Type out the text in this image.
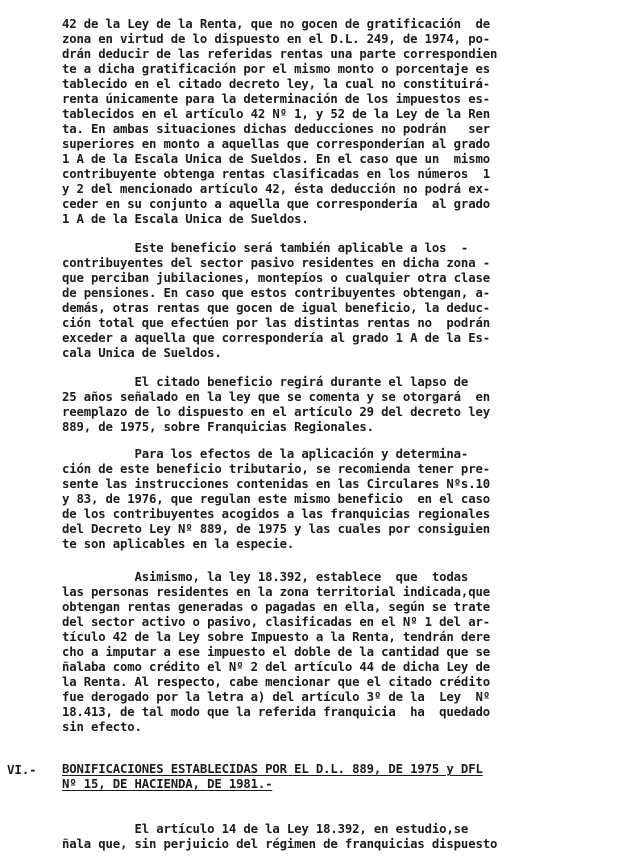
42 de la Ley de la Renta, que no gocen de gratificación  de
zona en virtud de lo dispuesto en el D.L. 249, de 1974, po-
drán deducir de las referidas rentas una parte correspondien
te a dicha gratificación por el mismo monto o porcentaje es
tablecido en el citado decreto ley, la cual no constituirá-
renta únicamente para la determinación de los impuestos es-
tablecidos en el artículo 42 Nº 1, y 52 de la Ley de la Ren
ta. En ambas situaciones dichas deducciones no podrán   ser
superiores en monto a aquellas que corresponderían al grado
1 A de la Escala Unica de Sueldos. En el caso que un  mismo
contribuyente obtenga rentas clasificadas en los números  1
y 2 del mencionado artículo 42, ésta deducción no podrá ex-
ceder en su conjunto a aquella que correspondería  al grado
1 A de la Escala Unica de Sueldos.
Este beneficio será también aplicable a los  -
contribuyentes del sector pasivo residentes en dicha zona -
que perciban jubilaciones, montepíos o cualquier otra clase
de pensiones. En caso que estos contribuyentes obtengan, a-
demás, otras rentas que gocen de igual beneficio, la deduc-
ción total que efectúen por las distintas rentas no  podrán
exceder a aquella que correspondería al grado 1 A de la Es-
cala Unica de Sueldos.
El citado beneficio regirá durante el lapso de
25 años señalado en la ley que se comenta y se otorgará  en
reemplazo de lo dispuesto en el artículo 29 del decreto ley
889, de 1975, sobre Franquicias Regionales.
Para los efectos de la aplicación y determina-
ción de este beneficio tributario, se recomienda tener pre-
sente las instrucciones contenidas en las Circulares Nºs.10
y 83, de 1976, que regulan este mismo beneficio  en el caso
de los contribuyentes acogidos a las franquicias regionales
del Decreto Ley Nº 889, de 1975 y las cuales por consiguien
te son aplicables en la especie.
Asimismo, la ley 18.392, establece  que  todas
las personas residentes en la zona territorial indicada,que
obtengan rentas generadas o pagadas en ella, según se trate
del sector activo o pasivo, clasificadas en el Nº 1 del ar-
tículo 42 de la Ley sobre Impuesto a la Renta, tendrán dere
cho a imputar a ese impuesto el doble de la cantidad que se
ñalaba como crédito el Nº 2 del artículo 44 de dicha Ley de
la Renta. Al respecto, cabe mencionar que el citado crédito
fue derogado por la letra a) del artículo 3º de la  Ley  Nº
18.413, de tal modo que la referida franquicia  ha  quedado
sin efecto.
VI.- BONIFICACIONES ESTABLECIDAS POR EL D.L. 889, DE 1975 y DFL
Nº 15, DE HACIENDA, DE 1981.-
El artículo 14 de la Ley 18.392, en estudio,se
ñala que, sin perjuicio del régimen de franquicias dispuesto
